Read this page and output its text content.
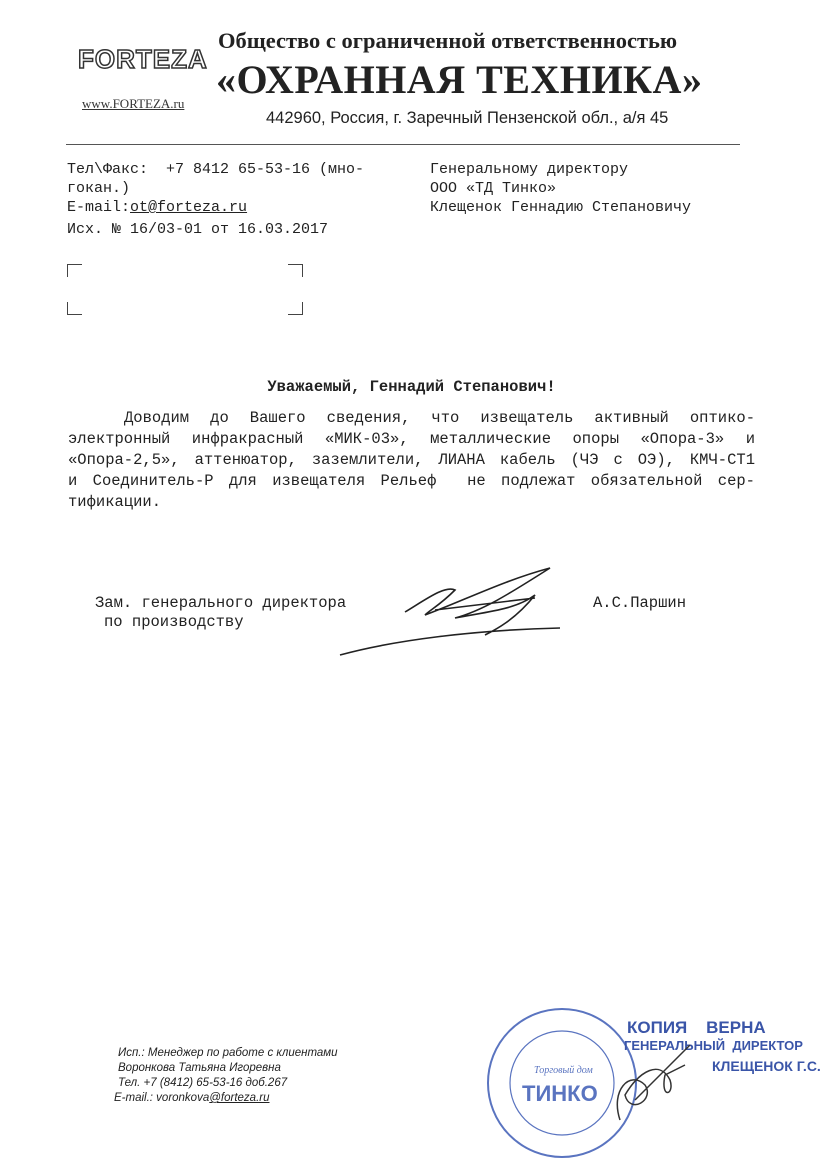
FORTEZA
www.FORTEZA.ru
Общество с ограниченной ответственностью
«ОХРАННАЯ ТЕХНИКА»
442960, Россия, г. Заречный Пензенской обл., а/я 45
Тел\Факс:  +7 8412 65-53-16 (мно-
гокан.)
E-mail:ot@forteza.ru
Исх. № 16/03-01 от 16.03.2017
Генеральному директору
ООО «ТД Тинко»
Клещенок Геннадию Степановичу
Уважаемый, Геннадий Степанович!
Доводим до Вашего сведения, что извещатель активный оптико-
электронный инфракрасный «МИК-03», металлические опоры «Опора-3» и
«Опора-2,5», аттенюатор, заземлители, ЛИАНА кабель (ЧЭ с ОЭ), КМЧ-СТ1
и Соединитель-Р для извещателя Рельеф  не подлежат обязательной сер-
тификации.
Зам. генерального директора
по производству
А.С.Паршин
Исп.: Менеджер по работе с клиентами
Воронкова Татьяна Игоревна
Тел. +7 (8412) 65-53-16 доб.267
E-mail.: voronkova@forteza.ru
Торговый дом
ТИНКО
КОПИЯ    ВЕРНА
ГЕНЕРАЛЬНЫЙ  ДИРЕКТОР
КЛЕЩЕНОК Г.С.
